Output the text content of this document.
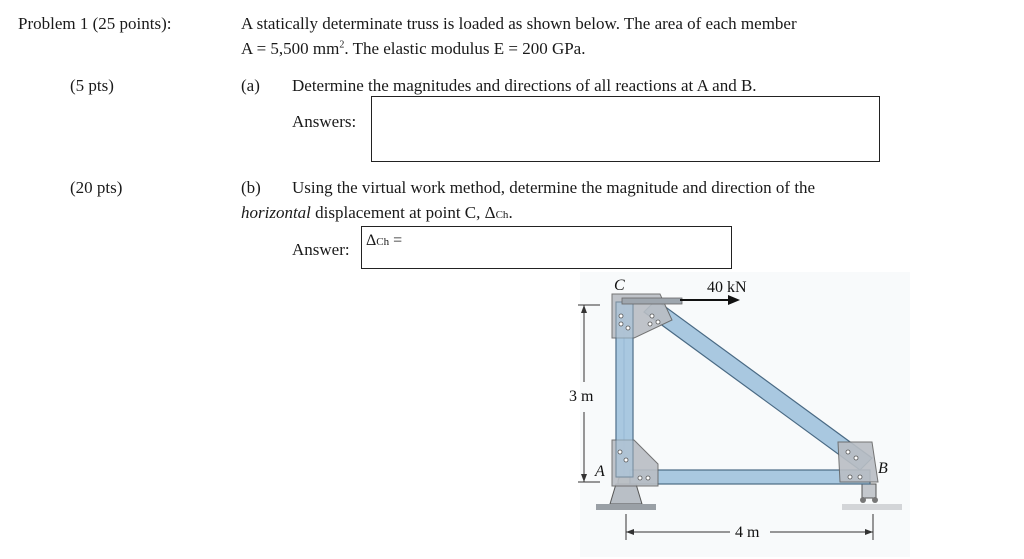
Problem 1 (25 points):	A statically determinate truss is loaded as shown below. The area of each member
A = 5,500 $mm^2$. The elastic modulus E = 200 GPa.
(5 pts)	(a) Determine the magnitudes and directions of all reactions at A and B.
Answers:
(20 pts)	(b) Using the virtual work method, determine the magnitude and direction of the
horizontal displacement at point C, ΔCh.
Answer: ΔCh =
C
A	B
40 kN
3 m
4 m
